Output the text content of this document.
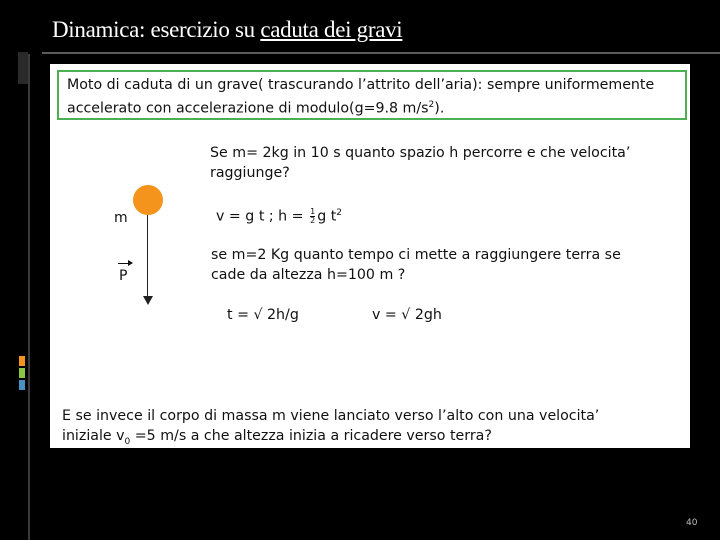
Dinamica: esercizio su caduta dei gravi
Moto di caduta di un grave( trascurando l’attrito dell’aria): sempre uniformemente accelerato con accelerazione di modulo(g=9.8 $m/s^2$).
m
P
Se m= 2kg in 10 s quanto spazio h percorre e che velocita’
raggiunge?
v = g t ; $h = \frac{1}{2}$ g $t^2$
se m=2 Kg quanto tempo ci mette a raggiungere terra se
cade da altezza h=100 m ?
t = √ 2h/g	v = √ 2gh
E se invece il corpo di massa m viene lanciato verso l’alto con una velocita’
iniziale $v_0 =5$ m/s a che altezza inizia a ricadere verso terra?
40
